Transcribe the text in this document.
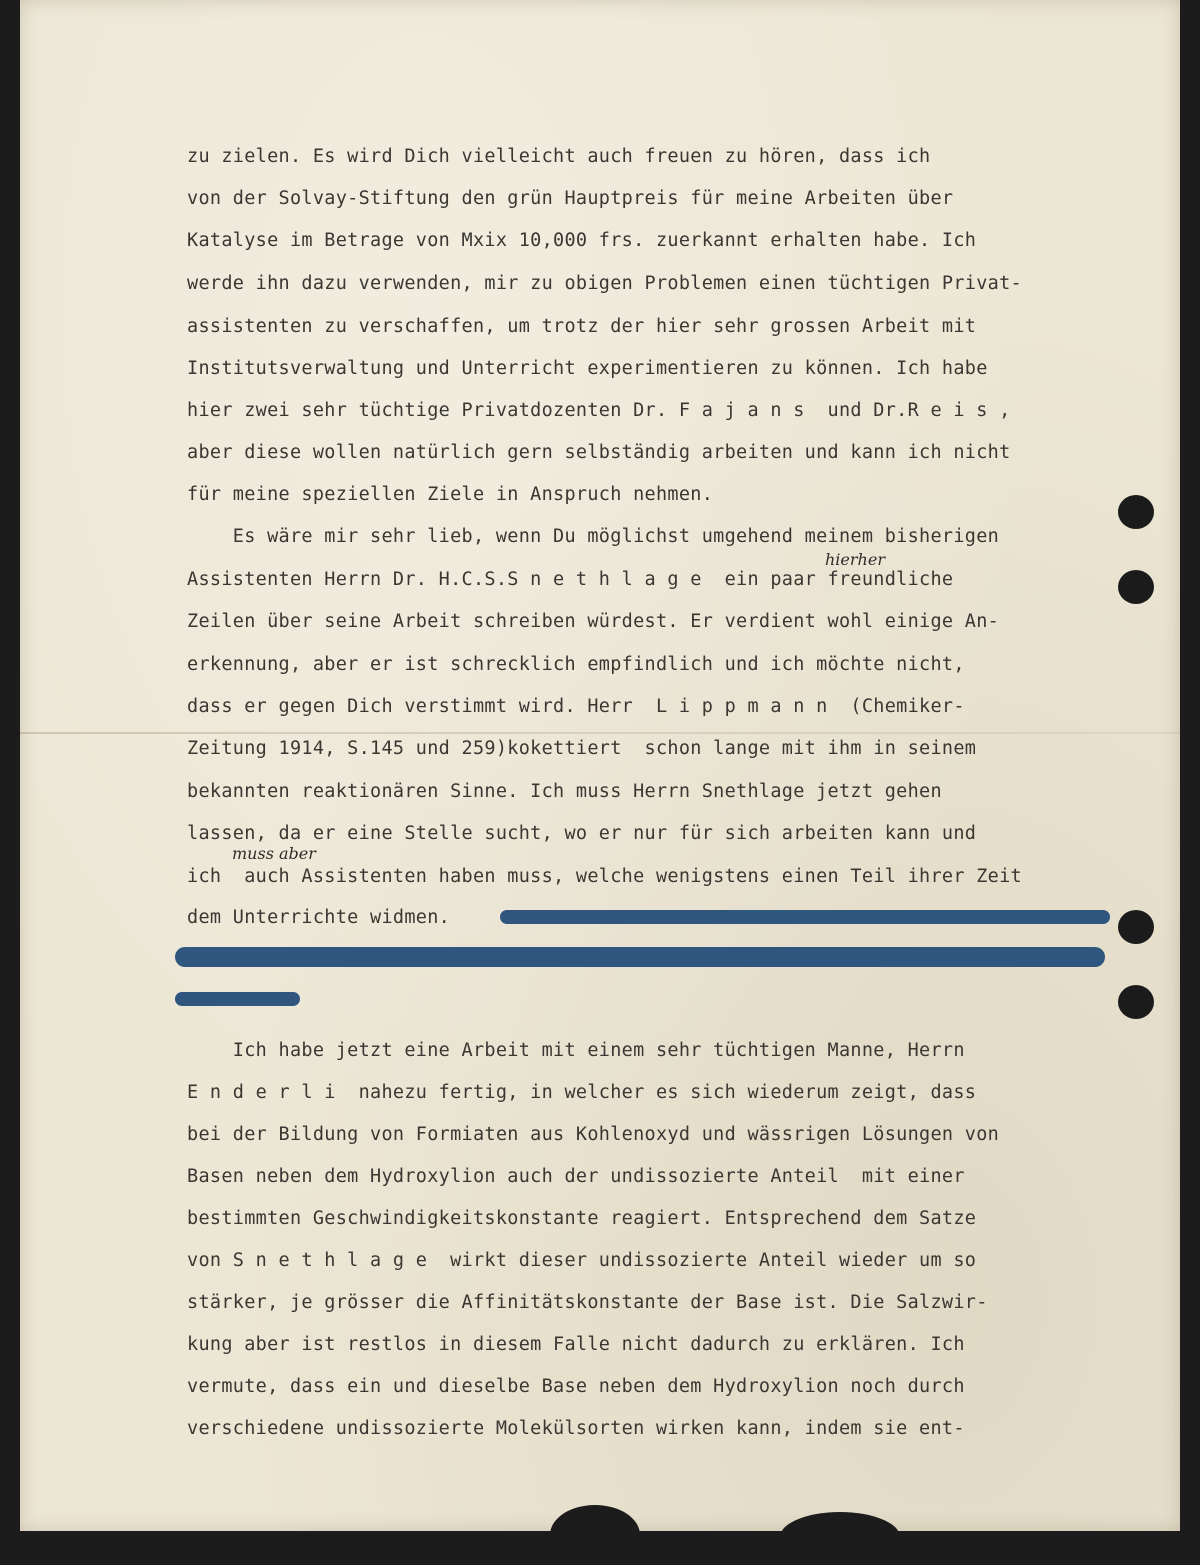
zu zielen. Es wird Dich vielleicht auch freuen zu hören, dass ich
von der Solvay-Stiftung den grün Hauptpreis für meine Arbeiten über
Katalyse im Betrage von Mxix 10,000 frs. zuerkannt erhalten habe. Ich
werde ihn dazu verwenden, mir zu obigen Problemen einen tüchtigen Privat-
assistenten zu verschaffen, um trotz der hier sehr grossen Arbeit mit
Institutsverwaltung und Unterricht experimentieren zu können. Ich habe
hier zwei sehr tüchtige Privatdozenten Dr. F a j a n s  und Dr.R e i s ,
aber diese wollen natürlich gern selbständig arbeiten und kann ich nicht
für meine speziellen Ziele in Anspruch nehmen.
Es wäre mir sehr lieb, wenn Du möglichst umgehend meinem bisherigen
hierher
Assistenten Herrn Dr. H.C.S.S n e t h l a g e  ein paar freundliche
Zeilen über seine Arbeit schreiben würdest. Er verdient wohl einige An-
erkennung, aber er ist schrecklich empfindlich und ich möchte nicht,
dass er gegen Dich verstimmt wird. Herr  L i p p m a n n  (Chemiker-
Zeitung 1914, S.145 und 259)kokettiert  schon lange mit ihm in seinem
bekannten reaktionären Sinne. Ich muss Herrn Snethlage jetzt gehen
lassen, da er eine Stelle sucht, wo er nur für sich arbeiten kann und
muss aber
ich  auch Assistenten haben muss, welche wenigstens einen Teil ihrer Zeit
dem Unterrichte widmen.
Ich habe jetzt eine Arbeit mit einem sehr tüchtigen Manne, Herrn
E n d e r l i  nahezu fertig, in welcher es sich wiederum zeigt, dass
bei der Bildung von Formiaten aus Kohlenoxyd und wässrigen Lösungen von
Basen neben dem Hydroxylion auch der undissozierte Anteil  mit einer
bestimmten Geschwindigkeitskonstante reagiert. Entsprechend dem Satze
von S n e t h l a g e  wirkt dieser undissozierte Anteil wieder um so
stärker, je grösser die Affinitätskonstante der Base ist. Die Salzwir-
kung aber ist restlos in diesem Falle nicht dadurch zu erklären. Ich
vermute, dass ein und dieselbe Base neben dem Hydroxylion noch durch
verschiedene undissozierte Molekülsorten wirken kann, indem sie ent-
